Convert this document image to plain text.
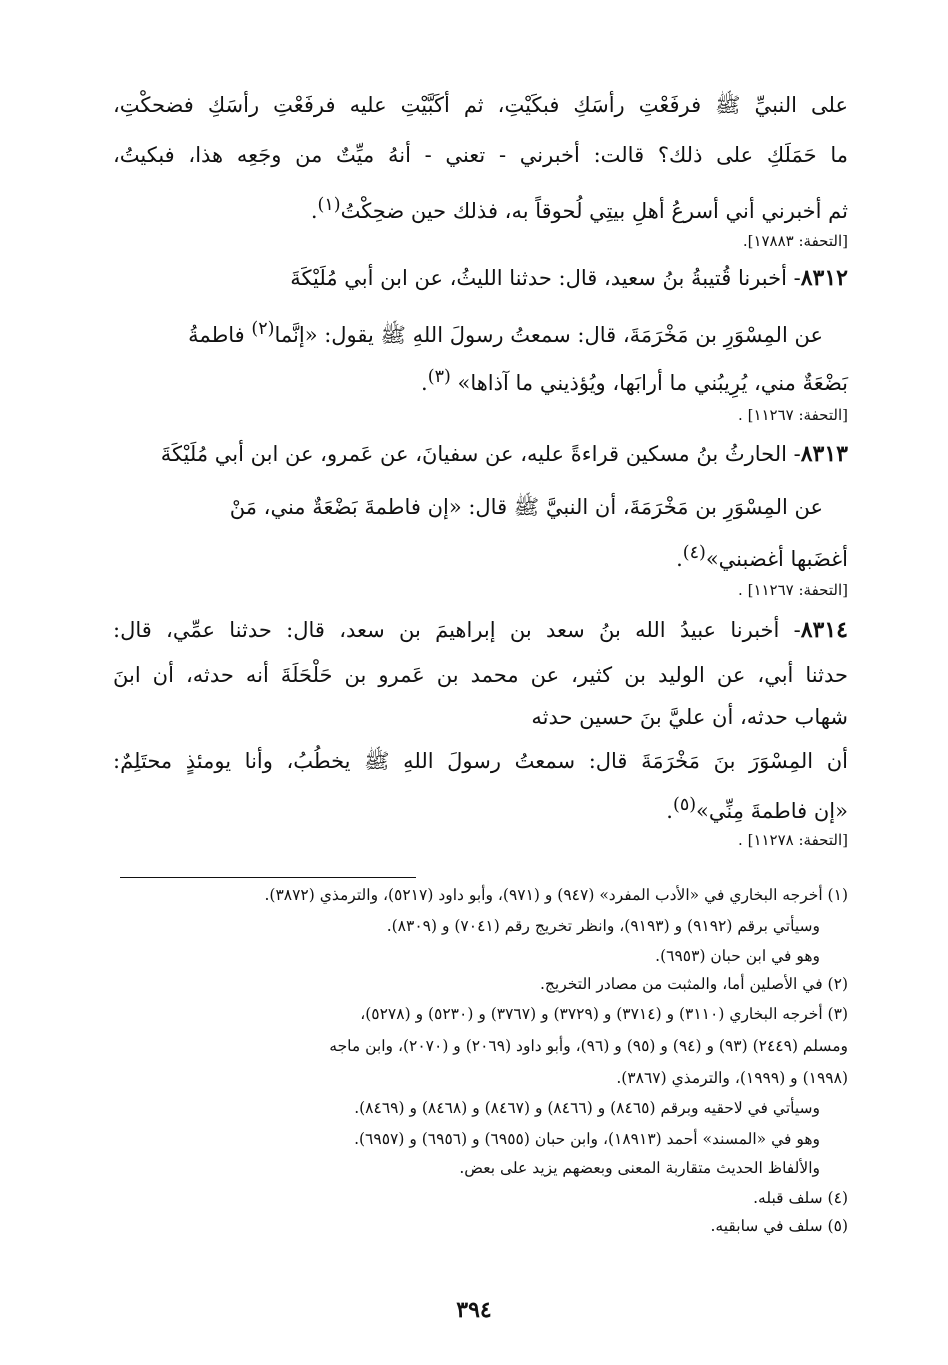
على النبيِّ ﷺ فرفَعْتِ رأسَكِ فبكَيْتِ، ثم أكَبَّيْتِ عليه فرفَعْتِ رأسَكِ فضحكْتِ،
ما حَمَلَكِ على ذلك؟ قالت: أخبرني - تعني - أنهُ ميِّتٌ من وجَعِه هذا، فبكيتُ،
ثم أخبرني أني أسرعُ أهلِ بيتِي لُحوقاً به، فذلك حين ضحِكْتُ$^{(١)}$.
[التحفة: ١٧٨٨٣].
٨٣١٢- أخبرنا قُتيبةُ بنُ سعيد، قال: حدثنا الليثُ، عن ابن أبي مُلَيْكَةَ
عن المِسْوَرِ بن مَخْرَمَةَ، قال: سمعتُ رسولَ اللهِ ﷺ يقول: «إنَّما$^{(٢)}$ فاطمةُ
بَضْعَةٌ مني، يُرِيبُني ما أرابَها، ويُؤذيني ما آذاها» $^{(٣)}$.
[التحفة: ١١٢٦٧] .
٨٣١٣- الحارثُ بنُ مسكين قراءةً عليه، عن سفيانَ، عن عَمرو، عن ابن أبي مُلَيْكَةَ
عن المِسْوَرِ بن مَخْرَمَةَ، أن النبيَّ ﷺ قال: «إن فاطمةَ بَضْعَةٌ مني، مَنْ
أغضَبها أغضبني»$^{(٤)}$.
[التحفة: ١١٢٦٧] .
٨٣١٤- أخبرنا عبيدُ الله بنُ سعد بن إبراهيمَ بن سعد، قال: حدثنا عمِّي، قال:
حدثنا أبي، عن الوليد بن كثير، عن محمد بن عَمرو بن حَلْحَلَةَ أنه حدثه، أن ابنَ
شهاب حدثه، أن عليَّ بنَ حسين حدثه
أن المِسْوَرَ بنَ مَخْرَمَةَ قال: سمعتُ رسولَ اللهِ ﷺ يخطُبُ، وأنا يومئذٍ محتَلِمٌ:
«إن فاطمةَ مِنِّي»$^{(٥)}$.
[التحفة: ١١٢٧٨] .
(١) أخرجه البخاري في «الأدب المفرد» (٩٤٧) و (٩٧١)، وأبو داود (٥٢١٧)، والترمذي (٣٨٧٢).
وسيأتي برقم (٩١٩٢) و (٩١٩٣)، وانظر تخريج رقم (٧٠٤١) و (٨٣٠٩).
وهو في ابن حبان (٦٩٥٣).
(٢) في الأصلين أما، والمثبت من مصادر التخريج.
(٣) أخرجه البخاري (٣١١٠) و (٣٧١٤) و (٣٧٢٩) و (٣٧٦٧) و (٥٢٣٠) و (٥٢٧٨)،
ومسلم (٢٤٤٩) (٩٣) و (٩٤) و (٩٥) و (٩٦)، وأبو داود (٢٠٦٩) و (٢٠٧٠)، وابن ماجه
(١٩٩٨) و (١٩٩٩)، والترمذي (٣٨٦٧).
وسيأتي في لاحقيه وبرقم (٨٤٦٥) و (٨٤٦٦) و (٨٤٦٧) و (٨٤٦٨) و (٨٤٦٩).
وهو في «المسند» أحمد (١٨٩١٣)، وابن حبان (٦٩٥٥) و (٦٩٥٦) و (٦٩٥٧).
والألفاظ الحديث متقاربة المعنى وبعضهم يزيد على بعض.
(٤) سلف قبله.
(٥) سلف في سابقيه.
٣٩٤
